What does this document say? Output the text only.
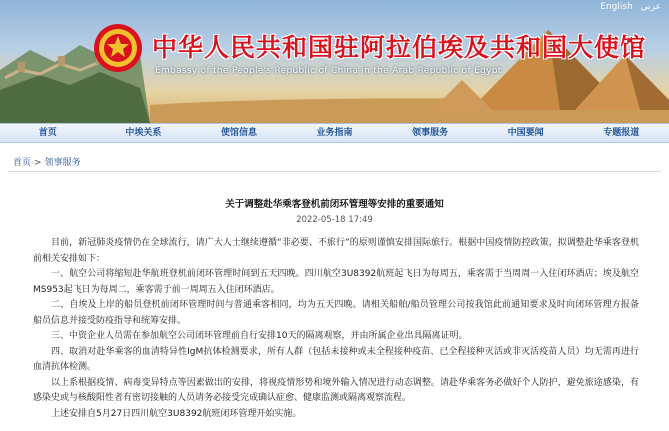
English عربي
中华人民共和国驻阿拉伯埃及共和国大使馆
Embassy of the People's Republic of China in the Arab Republic of Egypt
首页	中埃关系	使馆信息	业务指南	领事服务	中国要闻	专题报道
首页 > 领事服务
关于调整赴华乘客登机前闭环管理等安排的重要通知
2022-05-18 17:49

目前，新冠肺炎疫情仍在全球流行，请广大人士继续遵循“非必要、不旅行”的原则谨慎安排国际旅行。根据中国疫情防控政策，拟调整赴华乘客登机前相关安排如下：

一、航空公司将缩短赴华航班登机前闭环管理时间到五天四晚。四川航空3U8392航班起飞日为每周五，乘客需于当周周一入住闭环酒店；埃及航空MS953起飞日为每周二，乘客需于前一周周五入住闭环酒店。

二、自埃及上岸的船员登机前闭环管理时间与普通乘客相同，均为五天四晚。请相关船舶/船员管理公司按我馆此前通知要求及时向闭环管理方报备船员信息并接受防疫指导和统筹安排。

三、中资企业人员需在参加航空公司闭环管理前自行安排10天的隔离观察，并由所属企业出具隔离证明。

四、取消对赴华乘客的血清特异性IgM抗体检测要求，所有人群（包括未接种或未全程接种疫苗、已全程接种灭活或非灭活疫苗人员）均无需再进行血清抗体检测。

以上系根据疫情、病毒变异特点等因素做出的安排，将视疫情形势和境外输入情况进行动态调整。请赴华乘客务必做好个人防护，避免旅途感染，有感染史或与核酸阳性者有密切接触的人员请务必接受完成确认症愈、健康监测或隔离观察流程。

上述安排自5月27日四川航空3U8392航班闭环管理开始实施。
